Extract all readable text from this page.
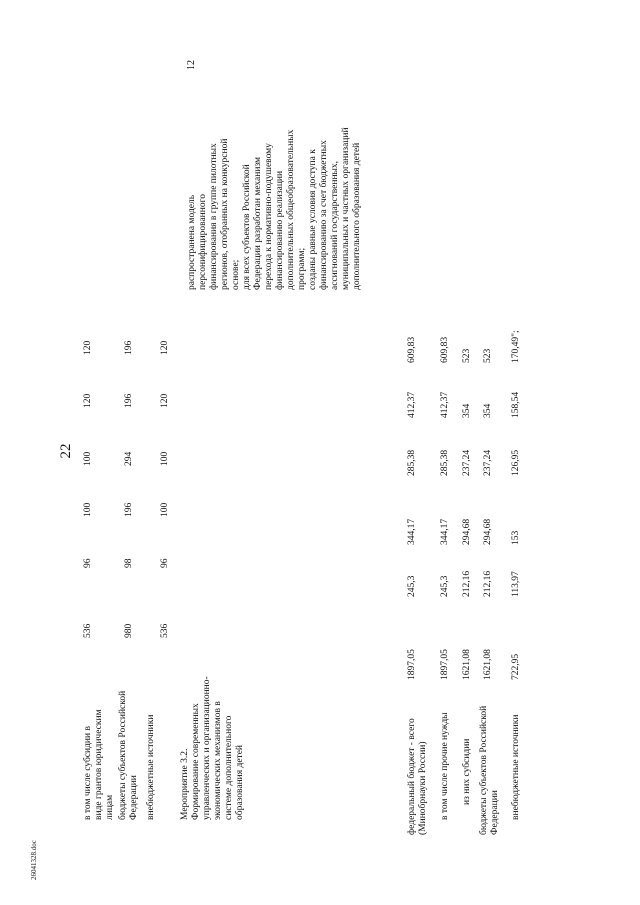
22
12
26041328.doc
в том числе субсидии в
виде грантов юридическим
лицам бюджеты субъектов Российской
Федерации внебюджетные источники	Мероприятие 3.2.
Формирование современных
управленческих и организационно-
экономических механизмов в
системе дополнительного
образования детей
федеральный бюджет - всего
(Минобрнауки России) в том числе прочие нужды из них субсидии
бюджеты субъектов Российской
Федерации внебюджетные источники
536
96
100
100
120
120
980
98
196
294
196
196
536
96
100
100
120
120
1897,05
245,3
344,17
285,38
412,37
609,83
1897,05
245,3
344,17
285,38
412,37
609,83
1621,08
212,16
294,68
237,24
354
523
1621,08
212,16
294,68
237,24
354
523
722,95
113,97
153
126,95
158,54
170,49";
распространена модель
персонифицированного
финансирования в группе пилотных
регионов, отобранных на конкурсной
основе;
для всех субъектов Российской
Федерации разработан механизм
перехода к нормативно-подушевому
финансированию реализации
дополнительных общеобразовательных
программ;
созданы равные условия доступа к
финансированию за счет бюджетных
ассигнований государственных,
муниципальных и частных организаций
дополнительного образования детей
